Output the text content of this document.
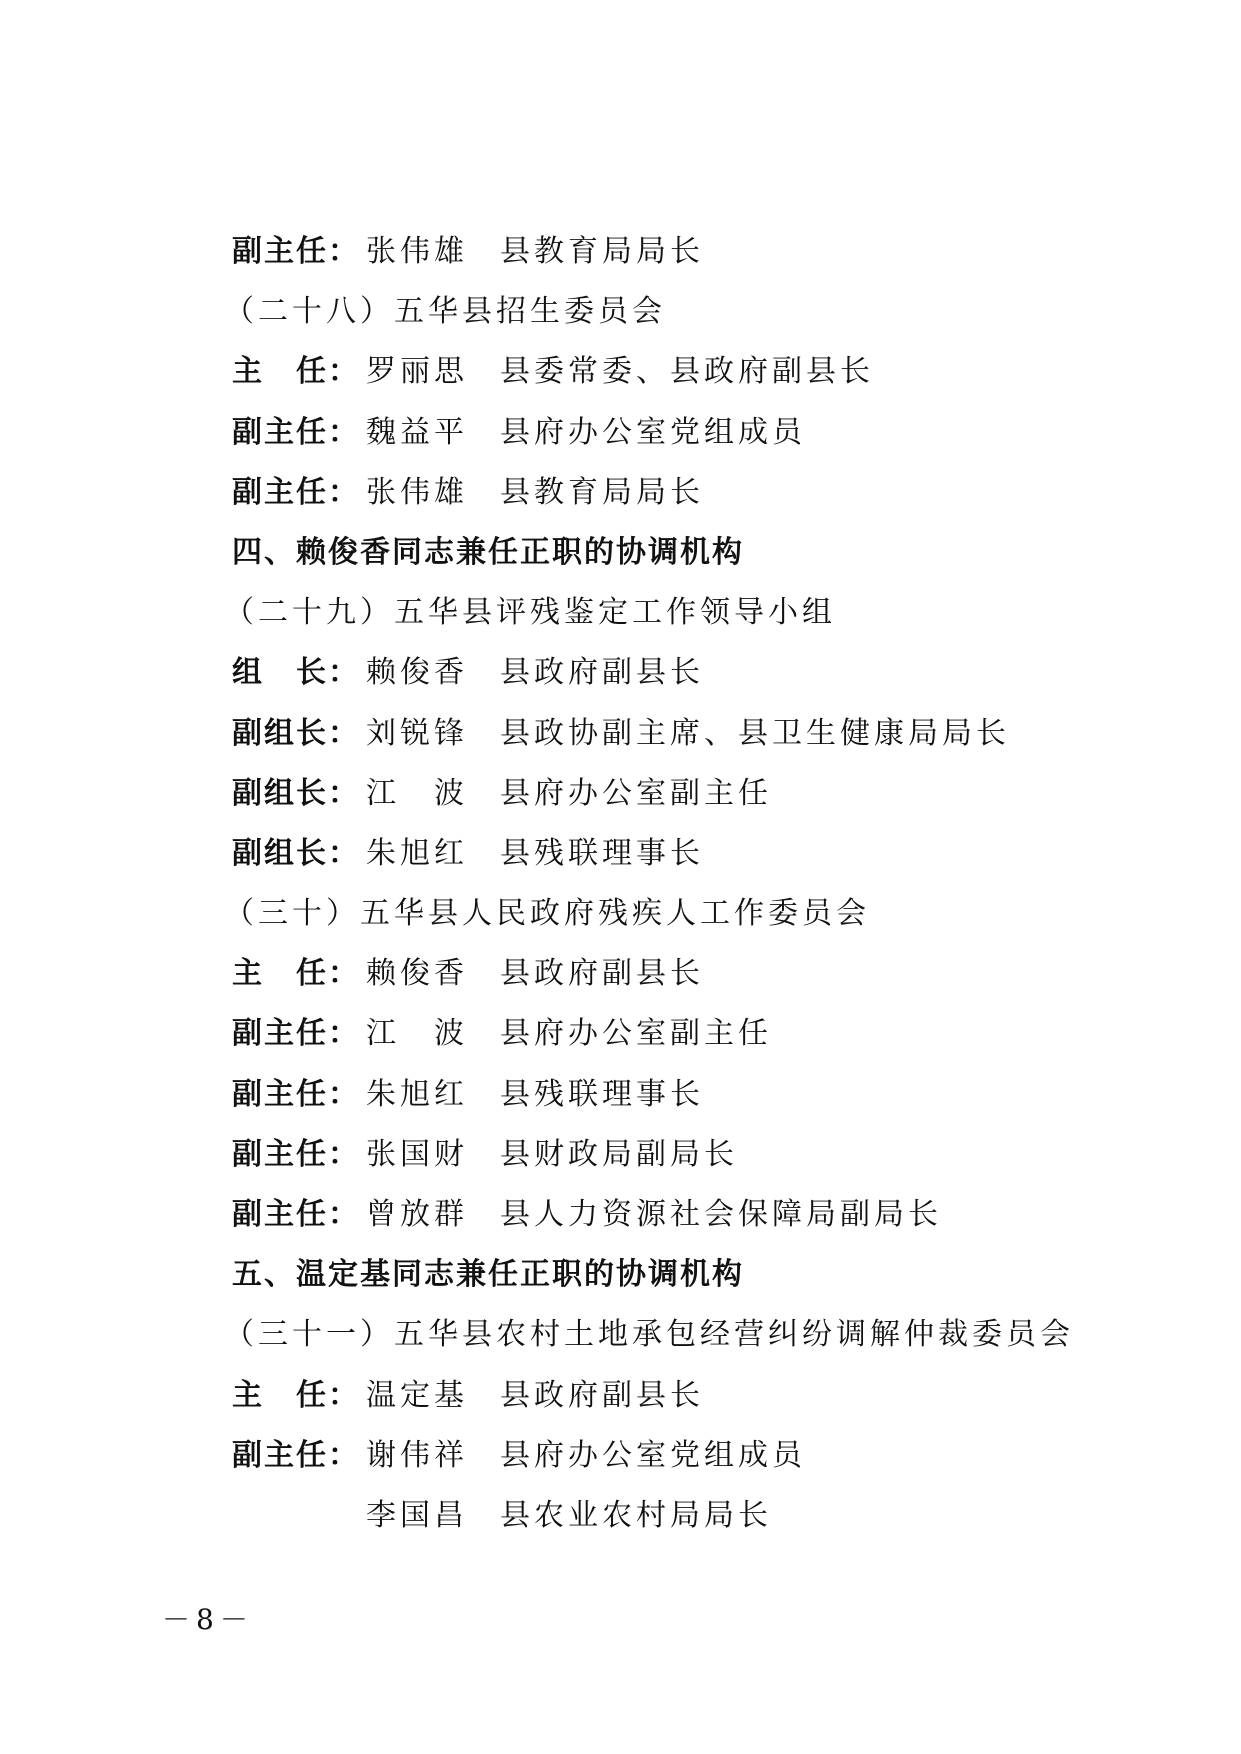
副主任： 张伟雄 县教育局局长
（二十八）五华县招生委员会
主　任： 罗丽思 县委常委、县政府副县长
副主任： 魏益平 县府办公室党组成员
副主任： 张伟雄 县教育局局长
四、赖俊香同志兼任正职的协调机构
（二十九）五华县评残鉴定工作领导小组
组　长： 赖俊香 县政府副县长
副组长： 刘锐锋 县政协副主席、县卫生健康局局长
副组长： 江　波 县府办公室副主任
副组长： 朱旭红 县残联理事长
（三十）五华县人民政府残疾人工作委员会
主　任： 赖俊香 县政府副县长
副主任： 江　波 县府办公室副主任
副主任： 朱旭红 县残联理事长
副主任： 张国财 县财政局副局长
副主任： 曾放群 县人力资源社会保障局副局长
五、温定基同志兼任正职的协调机构
（三十一）五华县农村土地承包经营纠纷调解仲裁委员会
主　任： 温定基 县政府副县长
副主任： 谢伟祥 县府办公室党组成员
李国昌 县农业农村局局长
－8－
